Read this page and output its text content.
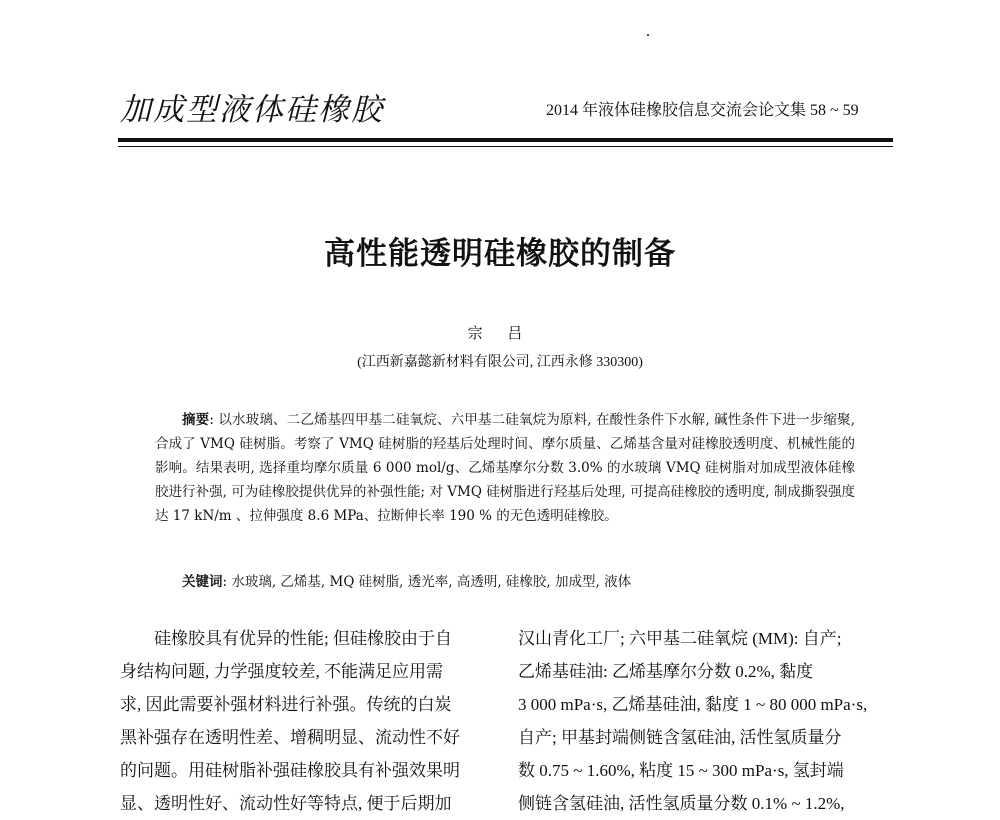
加成型液体硅橡胶	2014 年液体硅橡胶信息交流会论文集 58 ~ 59
高性能透明硅橡胶的制备
宗 吕
(江西新嘉懿新材料有限公司, 江西永修 330300)
摘要: 以水玻璃、二乙烯基四甲基二硅氧烷、六甲基二硅氧烷为原料, 在酸性条件下水解, 碱性条件下进一步缩聚, 合成了 VMQ 硅树脂。考察了 VMQ 硅树脂的羟基后处理时间、摩尔质量、乙烯基含量对硅橡胶透明度、机械性能的影响。结果表明, 选择重均摩尔质量 6 000 mol/g、乙烯基摩尔分数 3.0% 的水玻璃 VMQ 硅树脂对加成型液体硅橡胶进行补强, 可为硅橡胶提供优异的补强性能; 对 VMQ 硅树脂进行羟基后处理, 可提高硅橡胶的透明度, 制成撕裂强度达 17 kN/m 、拉伸强度 8.6 MPa、拉断伸长率 190 % 的无色透明硅橡胶。
关键词: 水玻璃, 乙烯基, MQ 硅树脂, 透光率, 高透明, 硅橡胶, 加成型, 液体

硅橡胶具有优异的性能; 但硅橡胶由于自

身结构问题, 力学强度较差, 不能满足应用需

求, 因此需要补强材料进行补强。传统的白炭

黑补强存在透明性差、增稠明显、流动性不好

的问题。用硅树脂补强硅橡胶具有补强效果明

显、透明性好、流动性好等特点, 便于后期加

汉山青化工厂; 六甲基二硅氧烷 (MM): 自产;

乙烯基硅油: 乙烯基摩尔分数 0.2%, 黏度

3 000 mPa·s, 乙烯基硅油, 黏度 1 ~ 80 000 mPa·s,

自产; 甲基封端侧链含氢硅油, 活性氢质量分

数 0.75 ~ 1.60%, 粘度 15 ~ 300 mPa·s, 氢封端

侧链含氢硅油, 活性氢质量分数 0.1% ~ 1.2%,
